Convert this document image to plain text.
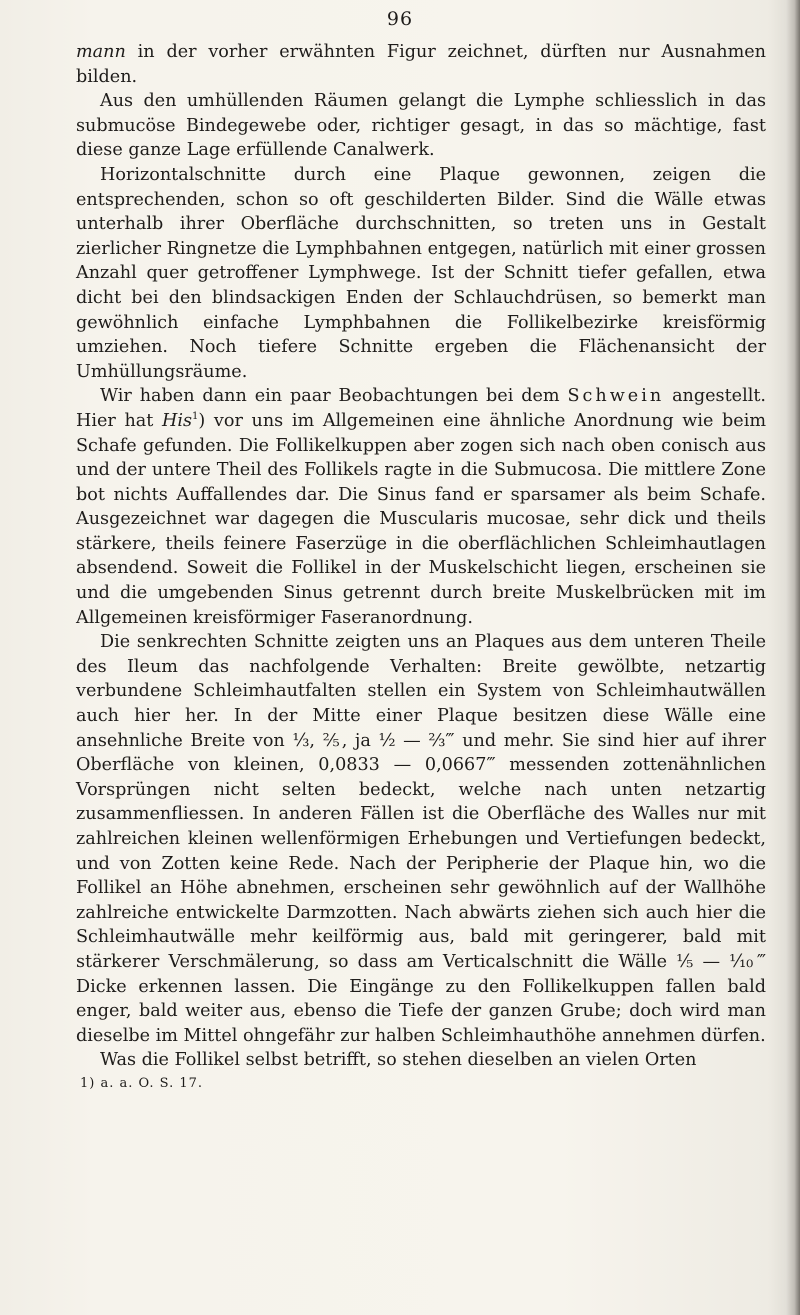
96

mann in der vorher erwähnten Figur zeichnet, dürften nur Ausnahmen bilden.

Aus den umhüllenden Räumen gelangt die Lymphe schliesslich in das submucöse Bindegewebe oder, richtiger gesagt, in das so mächtige, fast diese ganze Lage erfüllende Canalwerk.

Horizontalschnitte durch eine Plaque gewonnen, zeigen die entsprechenden, schon so oft geschilderten Bilder. Sind die Wälle etwas unterhalb ihrer Oberfläche durchschnitten, so treten uns in Gestalt zierlicher Ringnetze die Lymphbahnen entgegen, natürlich mit einer grossen Anzahl quer getroffener Lymphwege. Ist der Schnitt tiefer gefallen, etwa dicht bei den blindsackigen Enden der Schlauchdrüsen, so bemerkt man gewöhnlich einfache Lymphbahnen die Follikelbezirke kreisförmig umziehen. Noch tiefere Schnitte ergeben die Flächenansicht der Umhüllungsräume.

Wir haben dann ein paar Beobachtungen bei dem Schwein angestellt. Hier hat His$^1$) vor uns im Allgemeinen eine ähnliche Anordnung wie beim Schafe gefunden. Die Follikelkuppen aber zogen sich nach oben conisch aus und der untere Theil des Follikels ragte in die Submucosa. Die mittlere Zone bot nichts Auffallendes dar. Die Sinus fand er sparsamer als beim Schafe. Ausgezeichnet war dagegen die Muscularis mucosae, sehr dick und theils stärkere, theils feinere Faserzüge in die oberflächlichen Schleimhautlagen absendend. Soweit die Follikel in der Muskelschicht liegen, erscheinen sie und die umgebenden Sinus getrennt durch breite Muskelbrücken mit im Allgemeinen kreisförmiger Faseranordnung.

Die senkrechten Schnitte zeigten uns an Plaques aus dem unteren Theile des Ileum das nachfolgende Verhalten: Breite gewölbte, netzartig verbundene Schleimhautfalten stellen ein System von Schleimhautwällen auch hier her. In der Mitte einer Plaque besitzen diese Wälle eine ansehnliche Breite von ⅓, ⅖, ja ½ — ⅔‴ und mehr. Sie sind hier auf ihrer Oberfläche von kleinen, 0,0833 — 0,0667‴ messenden zottenähnlichen Vorsprüngen nicht selten bedeckt, welche nach unten netzartig zusammenfliessen. In anderen Fällen ist die Oberfläche des Walles nur mit zahlreichen kleinen wellenförmigen Erhebungen und Vertiefungen bedeckt, und von Zotten keine Rede. Nach der Peripherie der Plaque hin, wo die Follikel an Höhe abnehmen, erscheinen sehr gewöhnlich auf der Wallhöhe zahlreiche entwickelte Darmzotten. Nach abwärts ziehen sich auch hier die Schleimhautwälle mehr keilförmig aus, bald mit geringerer, bald mit stärkerer Verschmälerung, so dass am Verticalschnitt die Wälle ⅕ — ⅒‴ Dicke erkennen lassen. Die Eingänge zu den Follikelkuppen fallen bald enger, bald weiter aus, ebenso die Tiefe der ganzen Grube; doch wird man dieselbe im Mittel ohngefähr zur halben Schleimhauthöhe annehmen dürfen.

Was die Follikel selbst betrifft, so stehen dieselben an vielen Orten

1) a. a. O. S. 17.
